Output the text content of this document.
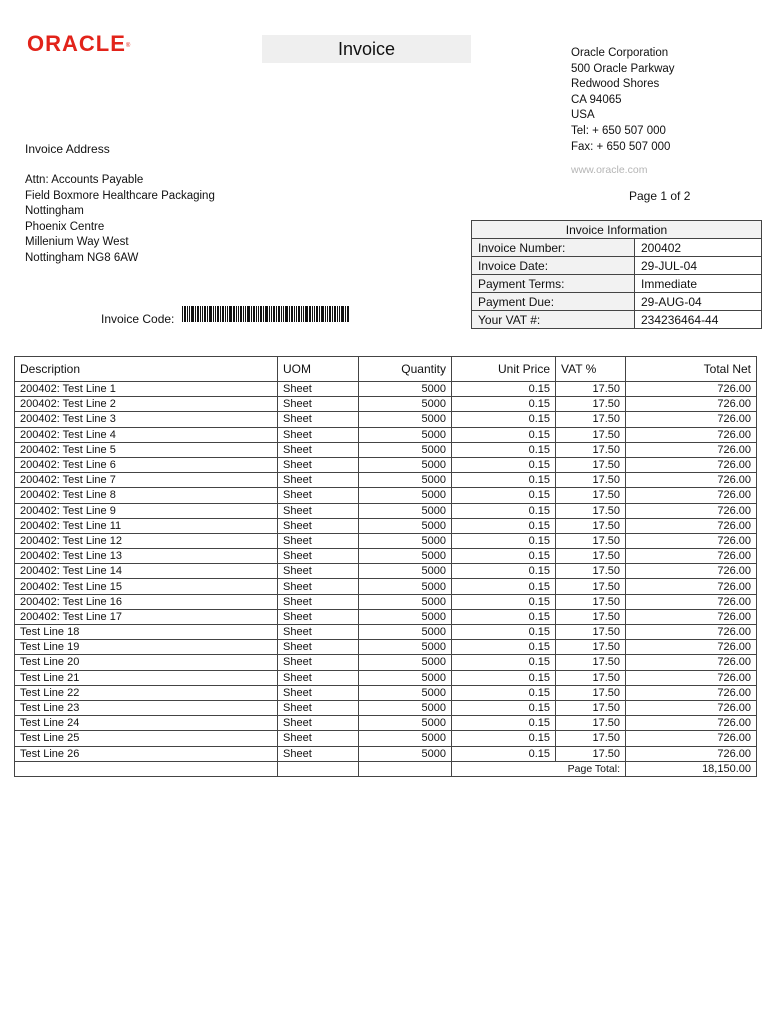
ORACLE®	Invoice	Oracle Corporation
500 Oracle Parkway
Redwood Shores
CA 94065
USA
Tel: + 650 507 000
Fax: + 650 507 000
www.oracle.com
Page 1 of 2
Invoice Address
Attn: Accounts Payable
Field Boxmore Healthcare Packaging
Nottingham
Phoenix Centre
Millenium Way West
Nottingham NG8 6AW
Invoice Code:
Invoice Information	
Invoice Number:	200402
Invoice Date:	29-JUL-04
Payment Terms:	Immediate
Payment Due:	29-AUG-04
Your VAT #:	234236464-44
Description	UOM	Quantity	Unit Price	VAT %	Total Net
200402: Test Line 1	Sheet	5000	0.15	17.50	726.00
200402: Test Line 2	Sheet	5000	0.15	17.50	726.00
200402: Test Line 3	Sheet	5000	0.15	17.50	726.00
200402: Test Line 4	Sheet	5000	0.15	17.50	726.00
200402: Test Line 5	Sheet	5000	0.15	17.50	726.00
200402: Test Line 6	Sheet	5000	0.15	17.50	726.00
200402: Test Line 7	Sheet	5000	0.15	17.50	726.00
200402: Test Line 8	Sheet	5000	0.15	17.50	726.00
200402: Test Line 9	Sheet	5000	0.15	17.50	726.00
200402: Test Line 11	Sheet	5000	0.15	17.50	726.00
200402: Test Line 12	Sheet	5000	0.15	17.50	726.00
200402: Test Line 13	Sheet	5000	0.15	17.50	726.00
200402: Test Line 14	Sheet	5000	0.15	17.50	726.00
200402: Test Line 15	Sheet	5000	0.15	17.50	726.00
200402: Test Line 16	Sheet	5000	0.15	17.50	726.00
200402: Test Line 17	Sheet	5000	0.15	17.50	726.00
Test Line 18	Sheet	5000	0.15	17.50	726.00
Test Line 19	Sheet	5000	0.15	17.50	726.00
Test Line 20	Sheet	5000	0.15	17.50	726.00
Test Line 21	Sheet	5000	0.15	17.50	726.00
Test Line 22	Sheet	5000	0.15	17.50	726.00
Test Line 23	Sheet	5000	0.15	17.50	726.00
Test Line 24	Sheet	5000	0.15	17.50	726.00
Test Line 25	Sheet	5000	0.15	17.50	726.00
Test Line 26	Sheet	5000	0.15	17.50	726.00
			Page Total:		18,150.00
